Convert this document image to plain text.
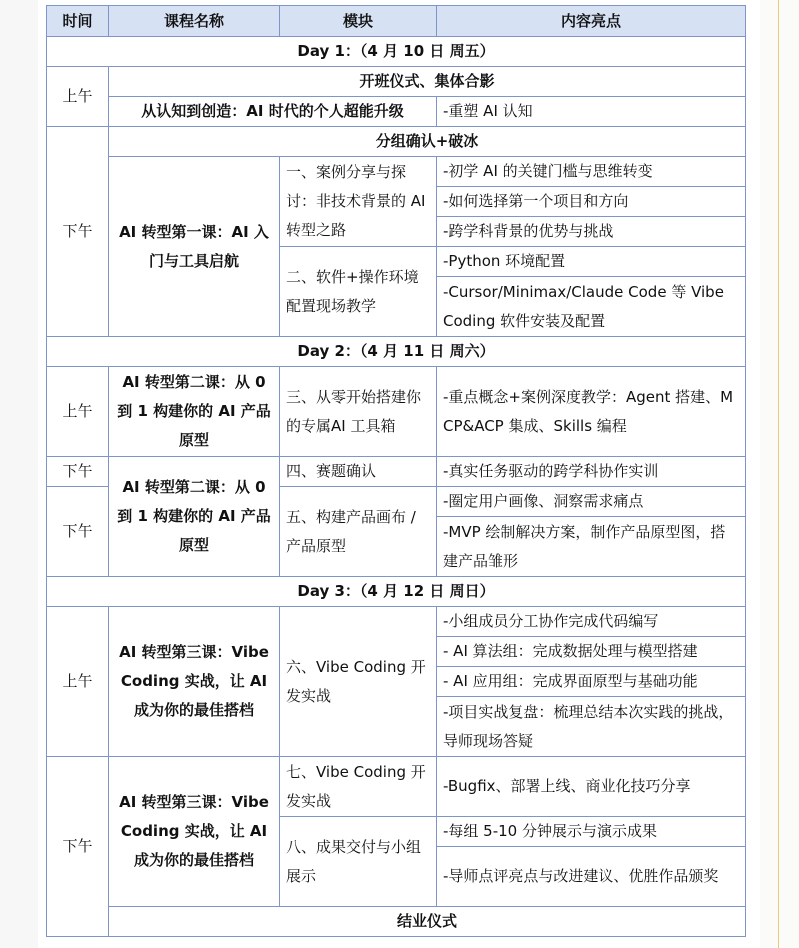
时间	课程名称	模块	内容亮点
Day 1：（4 月 10 日 周五）			
上午	开班仪式、集体合影		
	从认知到创造：AI 时代的个人超能升级		-重塑 AI 认知
下午	分组确认+破冰		
	AI 转型第一课：AI 入门与工具启航	一、案例分享与探讨：非技术背景的 AI 转型之路	-初学 AI 的关键门槛与思维转变
			-如何选择第一个项目和方向
			-跨学科背景的优势与挑战
		二、软件+操作环境配置现场教学	-Python 环境配置
			-Cursor/Minimax/Claude Code 等 Vibe Coding 软件安装及配置
Day 2：（4 月 11 日 周六）			
上午	AI 转型第二课：从 0 到 1 构建你的 AI 产品原型	三、从零开始搭建你的专属AI 工具箱	-重点概念+案例深度教学：Agent 搭建、MCP&ACP 集成、Skills 编程
下午	AI 转型第二课：从 0 到 1 构建你的 AI 产品原型	四、赛题确认	-真实任务驱动的跨学科协作实训
下午		五、构建产品画布 / 产品原型	-圈定用户画像、洞察需求痛点
			-MVP 绘制解决方案，制作产品原型图，搭建产品雏形
Day 3：（4 月 12 日 周日）			
上午	AI 转型第三课：Vibe Coding 实战，让 AI 成为你的最佳搭档	六、Vibe Coding 开发实战	-小组成员分工协作完成代码编写
			- AI 算法组：完成数据处理与模型搭建
			- AI 应用组：完成界面原型与基础功能
			-项目实战复盘：梳理总结本次实践的挑战，导师现场答疑
下午	AI 转型第三课：Vibe Coding 实战，让 AI 成为你的最佳搭档	七、Vibe Coding 开发实战	-Bugfix、部署上线、商业化技巧分享
		八、成果交付与小组展示	-每组 5-10 分钟展示与演示成果
			-导师点评亮点与改进建议、优胜作品颁奖
	结业仪式		
